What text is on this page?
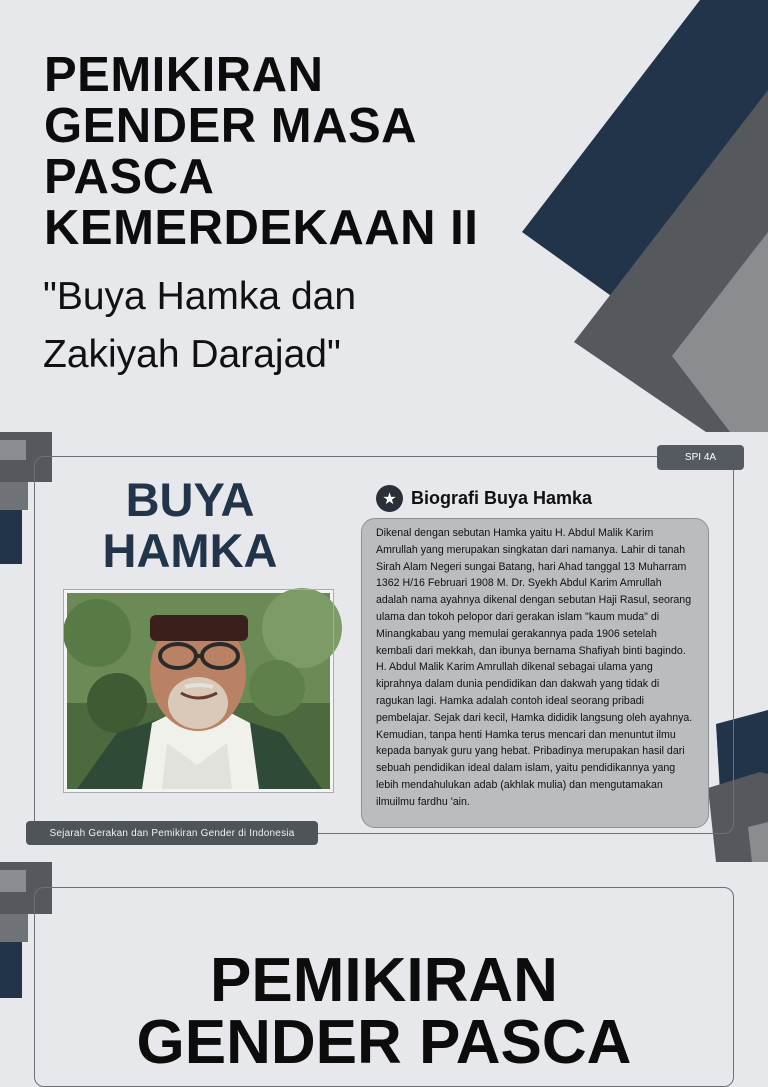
PEMIKIRAN
GENDER MASA
PASCA
KEMERDEKAAN II
"Buya Hamka dan
Zakiyah Darajad"
SPI 4A
BUYA
HAMKA
★ Biografi Buya Hamka

Dikenal dengan sebutan Hamka yaitu H. Abdul Malik Karim Amrullah yang merupakan singkatan dari namanya. Lahir di tanah Sirah Alam Negeri sungai Batang, hari Ahad tanggal 13 Muharram 1362 H/16 Februari 1908 M. Dr. Syekh Abdul Karim Amrullah adalah nama ayahnya dikenal dengan sebutan Haji Rasul, seorang ulama dan tokoh pelopor dari gerakan islam "kaum muda" di Minangkabau yang memulai gerakannya pada 1906 setelah kembali dari mekkah, dan ibunya bernama Shafiyah binti bagindo. H. Abdul Malik Karim Amrullah dikenal sebagai ulama yang kiprahnya dalam dunia pendidikan dan dakwah yang tidak di ragukan lagi. Hamka adalah contoh ideal seorang pribadi pembelajar. Sejak dari kecil, Hamka dididik langsung oleh ayahnya. Kemudian, tanpa henti Hamka terus mencari dan menuntut ilmu kepada banyak guru yang hebat. Pribadinya merupakan hasil dari sebuah pendidikan ideal dalam islam, yaitu pendidikannya yang lebih mendahulukan adab (akhlak mulia) dan mengutamakan ilmuilmu fardhu 'ain.

Sejarah Gerakan dan Pemikiran Gender di Indonesia
PEMIKIRAN
GENDER PASCA
